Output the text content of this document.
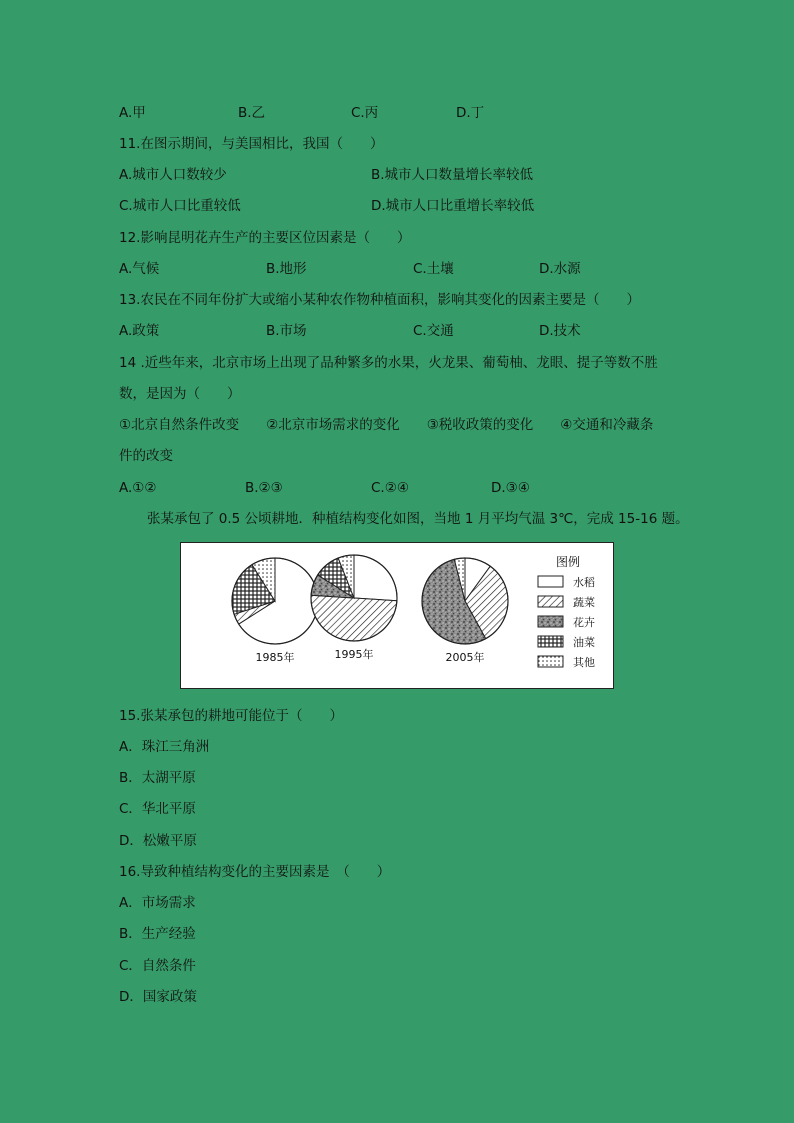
A.甲	B.乙	C.丙	D.丁
11.在图示期间，与美国相比，我国（　　）
A.城市人口数较少	B.城市人口数量增长率较低
C.城市人口比重较低	D.城市人口比重增长率较低
12.影响昆明花卉生产的主要区位因素是（　　）
A.气候	B.地形	C.土壤	D.水源
13.农民在不同年份扩大或缩小某种农作物种植面积，影响其变化的因素主要是（　　）
A.政策	B.市场	C.交通	D.技术
14 .近些年来，北京市场上出现了品种繁多的水果，火龙果、葡萄柚、龙眼、提子等数不胜
数，是因为（　　）
①北京自然条件改变　　②北京市场需求的变化　　③税收政策的变化　　④交通和冷藏条
件的改变
A.①②	B.②③	C.②④	D.③④
张某承包了 0.5 公顷耕地．种植结构变化如图，当地 1 月平均气温 3℃，完成 15-16 题。
1985年	1995年	2005年
图例
水稻
蔬菜
花卉
油菜
其他
15.张某承包的耕地可能位于（　　）
A．珠江三角洲
B．太湖平原
C．华北平原
D．松嫩平原
16.导致种植结构变化的主要因素是　（　　）
A．市场需求
B．生产经验
C．自然条件
D．国家政策
